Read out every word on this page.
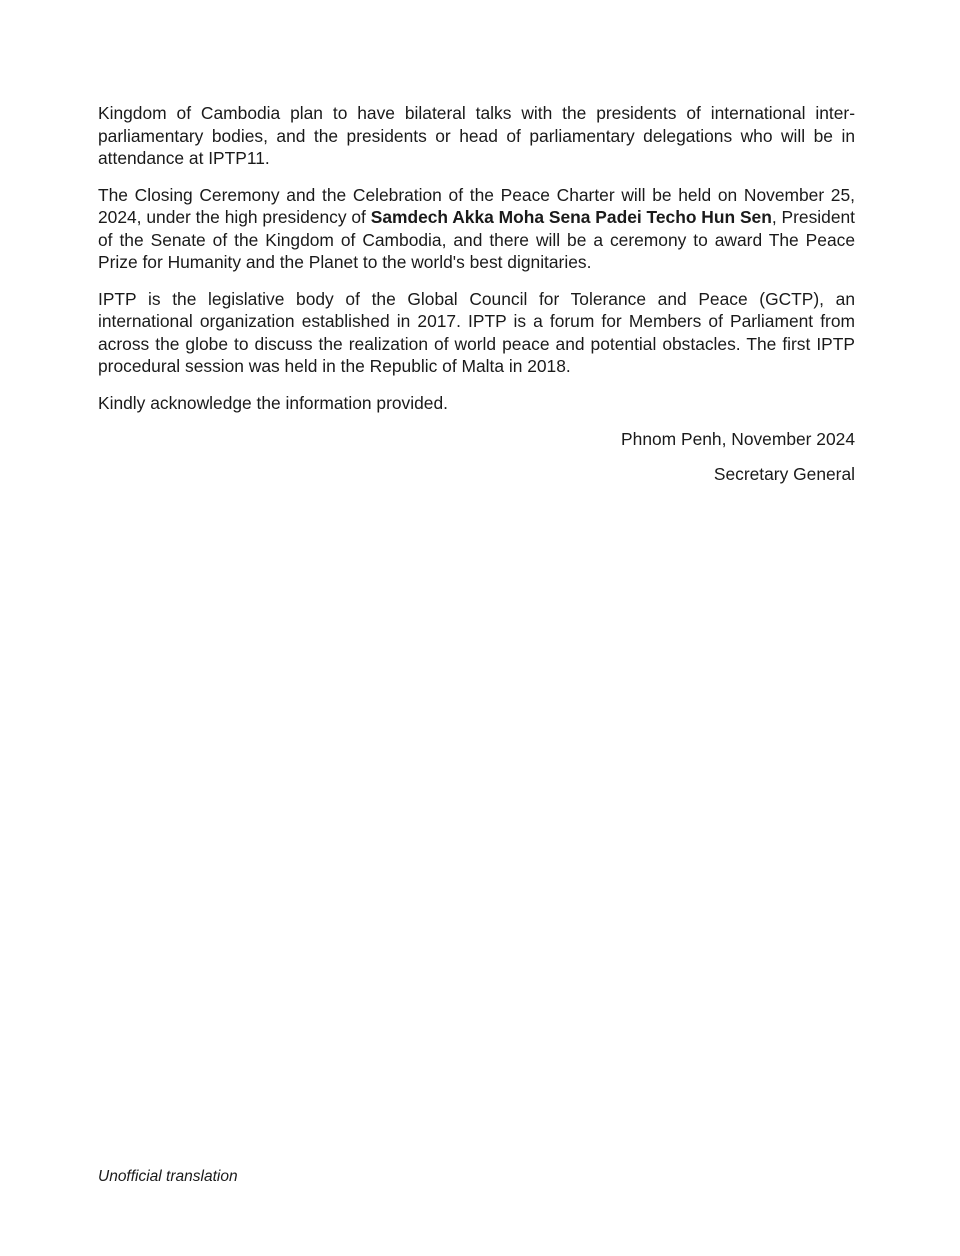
Kingdom of Cambodia plan to have bilateral talks with the presidents of international inter-parliamentary bodies, and the presidents or head of parliamentary delegations who will be in attendance at IPTP11.

The Closing Ceremony and the Celebration of the Peace Charter will be held on November 25, 2024, under the high presidency of Samdech Akka Moha Sena Padei Techo Hun Sen, President of the Senate of the Kingdom of Cambodia, and there will be a ceremony to award The Peace Prize for Humanity and the Planet to the world's best dignitaries.

IPTP is the legislative body of the Global Council for Tolerance and Peace (GCTP), an international organization established in 2017. IPTP is a forum for Members of Parliament from across the globe to discuss the realization of world peace and potential obstacles. The first IPTP procedural session was held in the Republic of Malta in 2018.

Kindly acknowledge the information provided.

Phnom Penh, November 2024

Secretary General

Unofficial translation
